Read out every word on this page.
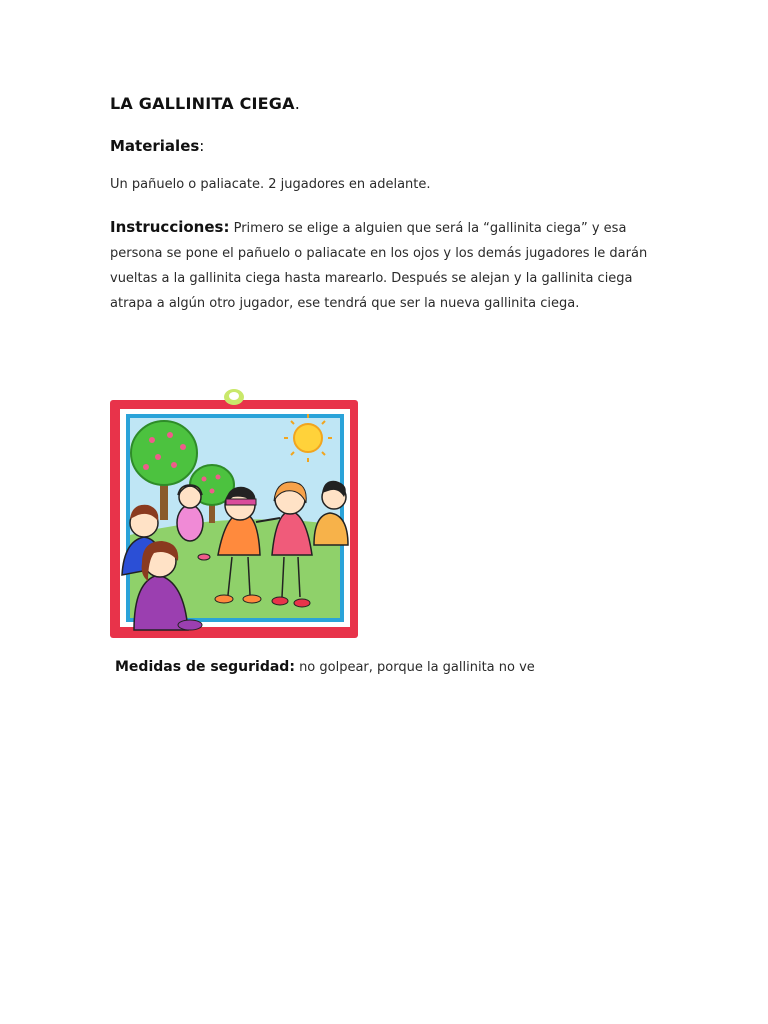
LA GALLINITA CIEGA.
Materiales:
Un pañuelo o paliacate. 2 jugadores en adelante.
Instrucciones: Primero se elige a alguien que será la “gallinita ciega” y esa persona se pone el pañuelo o paliacate en los ojos y los demás jugadores le darán vueltas a la gallinita ciega hasta marearlo. Después se alejan y la gallinita ciega atrapa a algún otro jugador, ese tendrá que ser la nueva gallinita ciega.
Medidas de seguridad: no golpear, porque la gallinita no ve
